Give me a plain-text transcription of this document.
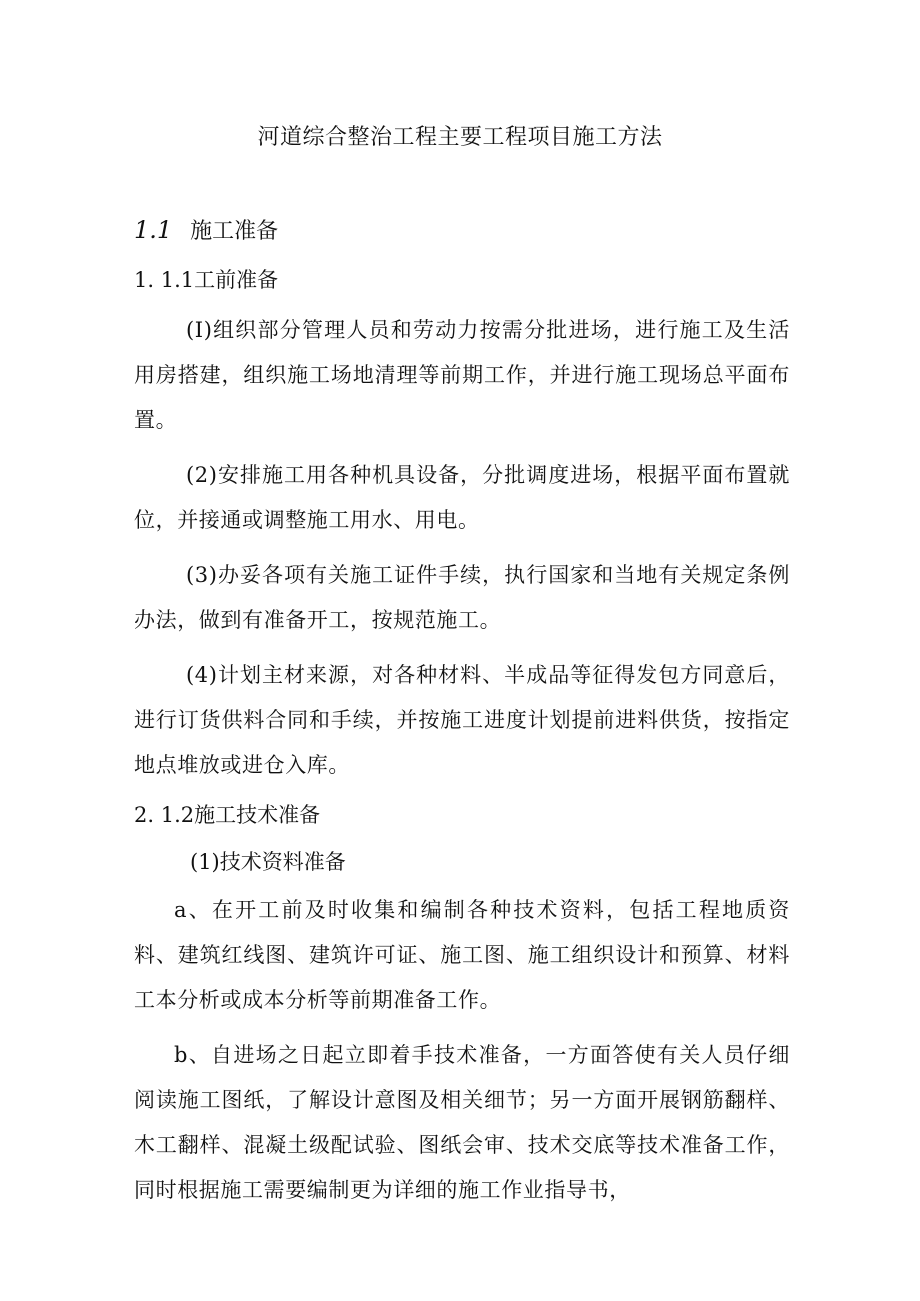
河道综合整治工程主要工程项目施工方法
1.1 施工准备
1. 1.1工前准备
(I)组织部分管理人员和劳动力按需分批进场，进行施工及生活用房搭建，组织施工场地清理等前期工作，并进行施工现场总平面布置。
(2)安排施工用各种机具设备，分批调度进场，根据平面布置就位，并接通或调整施工用水、用电。
(3)办妥各项有关施工证件手续，执行国家和当地有关规定条例办法，做到有准备开工，按规范施工。
(4)计划主材来源，对各种材料、半成品等征得发包方同意后，进行订货供料合同和手续，并按施工进度计划提前进料供货，按指定地点堆放或进仓入库。
2. 1.2施工技术准备
(1)技术资料准备
a、在开工前及时收集和编制各种技术资料，包括工程地质资料、建筑红线图、建筑许可证、施工图、施工组织设计和预算、材料工本分析或成本分析等前期准备工作。
b、自进场之日起立即着手技术准备，一方面答使有关人员仔细阅读施工图纸，了解设计意图及相关细节；另一方面开展钢筋翻样、木工翻样、混凝土级配试验、图纸会审、技术交底等技术准备工作，同时根据施工需要编制更为详细的施工作业指导书，
